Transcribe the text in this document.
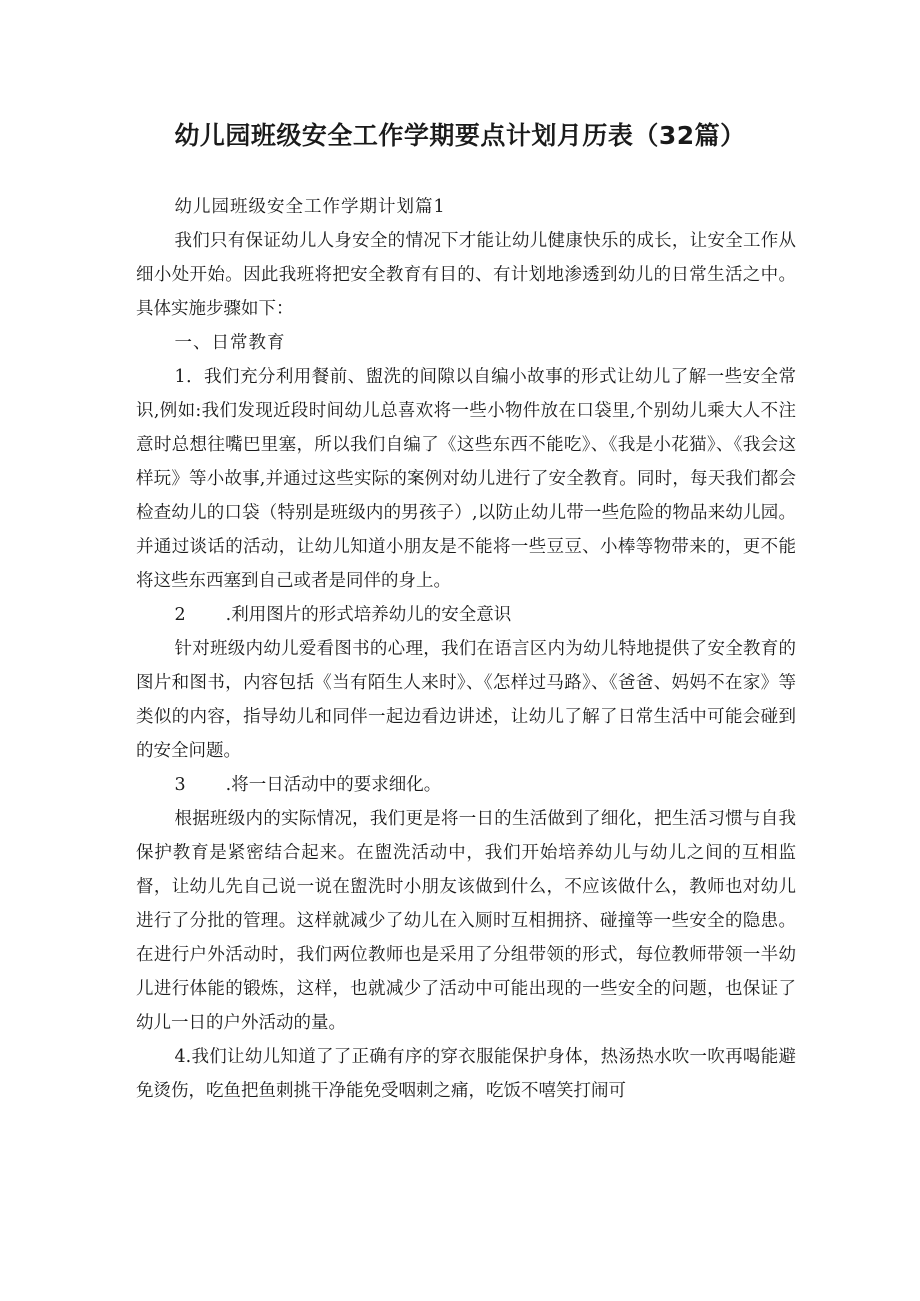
幼儿园班级安全工作学期要点计划月历表（32篇）

幼儿园班级安全工作学期计划篇1

我们只有保证幼儿人身安全的情况下才能让幼儿健康快乐的成长，让安全工作从细小处开始。因此我班将把安全教育有目的、有计划地渗透到幼儿的日常生活之中。具体实施步骤如下：

一、日常教育

1．我们充分利用餐前、盥洗的间隙以自编小故事的形式让幼儿了解一些安全常识,例如:我们发现近段时间幼儿总喜欢将一些小物件放在口袋里,个别幼儿乘大人不注意时总想往嘴巴里塞，所以我们自编了《这些东西不能吃》、《我是小花猫》、《我会这样玩》等小故事,并通过这些实际的案例对幼儿进行了安全教育。同时，每天我们都会检查幼儿的口袋（特别是班级内的男孩子）,以防止幼儿带一些危险的物品来幼儿园。并通过谈话的活动，让幼儿知道小朋友是不能将一些豆豆、小棒等物带来的，更不能将这些东西塞到自己或者是同伴的身上。

2 .利用图片的形式培养幼儿的安全意识

针对班级内幼儿爱看图书的心理，我们在语言区内为幼儿特地提供了安全教育的图片和图书，内容包括《当有陌生人来时》、《怎样过马路》、《爸爸、妈妈不在家》等类似的内容，指导幼儿和同伴一起边看边讲述，让幼儿了解了日常生活中可能会碰到的安全问题。

3 .将一日活动中的要求细化。

根据班级内的实际情况，我们更是将一日的生活做到了细化，把生活习惯与自我保护教育是紧密结合起来。在盥洗活动中，我们开始培养幼儿与幼儿之间的互相监督，让幼儿先自己说一说在盥洗时小朋友该做到什么，不应该做什么，教师也对幼儿进行了分批的管理。这样就减少了幼儿在入厕时互相拥挤、碰撞等一些安全的隐患。在进行户外活动时，我们两位教师也是采用了分组带领的形式，每位教师带领一半幼儿进行体能的锻炼，这样，也就减少了活动中可能出现的一些安全的问题，也保证了幼儿一日的户外活动的量。

4.我们让幼儿知道了了正确有序的穿衣服能保护身体，热汤热水吹一吹再喝能避免烫伤，吃鱼把鱼刺挑干净能免受咽刺之痛，吃饭不嘻笑打闹可
